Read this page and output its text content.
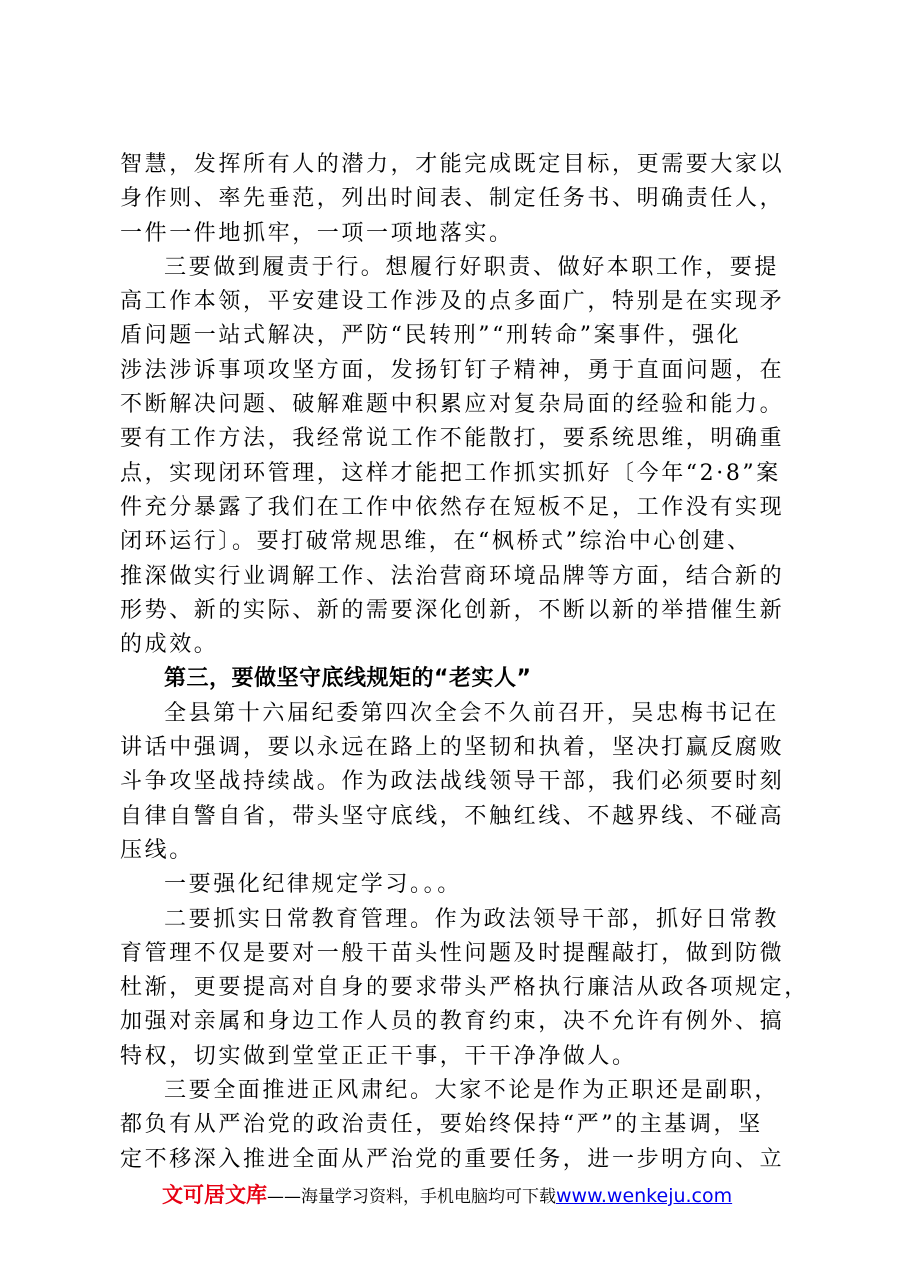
智慧，发挥所有人的潜力，才能完成既定目标，更需要大家以
身作则、率先垂范，列出时间表、制定任务书、明确责任人，
一件一件地抓牢，一项一项地落实。
三要做到履责于行。想履行好职责、做好本职工作，要提
高工作本领，平安建设工作涉及的点多面广，特别是在实现矛
盾问题一站式解决，严防“民转刑”“刑转命”案事件，强化
涉法涉诉事项攻坚方面，发扬钉钉子精神，勇于直面问题，在
不断解决问题、破解难题中积累应对复杂局面的经验和能力。
要有工作方法，我经常说工作不能散打，要系统思维，明确重
点，实现闭环管理，这样才能把工作抓实抓好〔今年“2·8”案
件充分暴露了我们在工作中依然存在短板不足，工作没有实现
闭环运行〕。要打破常规思维，在“枫桥式”综治中心创建、
推深做实行业调解工作、法治营商环境品牌等方面，结合新的
形势、新的实际、新的需要深化创新，不断以新的举措催生新
的成效。
第三，要做坚守底线规矩的“老实人”
全县第十六届纪委第四次全会不久前召开，吴忠梅书记在
讲话中强调，要以永远在路上的坚韧和执着，坚决打赢反腐败
斗争攻坚战持续战。作为政法战线领导干部，我们必须要时刻
自律自警自省，带头坚守底线，不触红线、不越界线、不碰高
压线。
一要强化纪律规定学习。。。
二要抓实日常教育管理。作为政法领导干部，抓好日常教
育管理不仅是要对一般干苗头性问题及时提醒敲打，做到防微
杜渐，更要提高对自身的要求带头严格执行廉洁从政各项规定，
加强对亲属和身边工作人员的教育约束，决不允许有例外、搞
特权，切实做到堂堂正正干事，干干净净做人。
三要全面推进正风肃纪。大家不论是作为正职还是副职，
都负有从严治党的政治责任，要始终保持“严”的主基调，坚
定不移深入推进全面从严治党的重要任务，进一步明方向、立
文可居文库——海量学习资料，手机电脑均可下载www.wenkeju.com
